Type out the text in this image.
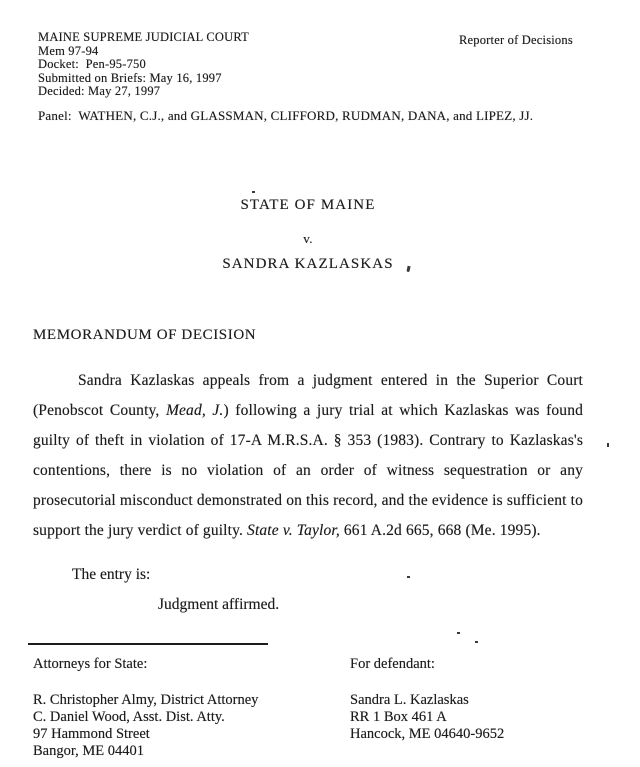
MAINE SUPREME JUDICIAL COURT
Mem 97-94
Docket:  Pen-95-750
Submitted on Briefs: May 16, 1997
Decided: May 27, 1997
Reporter of Decisions
Panel:  WATHEN, C.J., and GLASSMAN, CLIFFORD, RUDMAN, DANA, and LIPEZ, JJ.
STATE OF MAINE
v.
SANDRA KAZLASKAS
MEMORANDUM OF DECISION

Sandra Kazlaskas appeals from a judgment entered in the Superior Court (Penobscot County, Mead, J.) following a jury trial at which Kazlaskas was found guilty of theft in violation of 17-A M.R.S.A. § 353 (1983). Contrary to Kazlaskas's contentions, there is no violation of an order of witness sequestration or any prosecutorial misconduct demonstrated on this record, and the evidence is sufficient to support the jury verdict of guilty. State v. Taylor, 661 A.2d 665, 668 (Me. 1995).

The entry is:
Judgment affirmed.
Attorneys for State:	For defendant:
R. Christopher Almy, District Attorney
C. Daniel Wood, Asst. Dist. Atty.
97 Hammond Street
Bangor, ME 04401
Sandra L. Kazlaskas
RR 1 Box 461 A
Hancock, ME 04640-9652
